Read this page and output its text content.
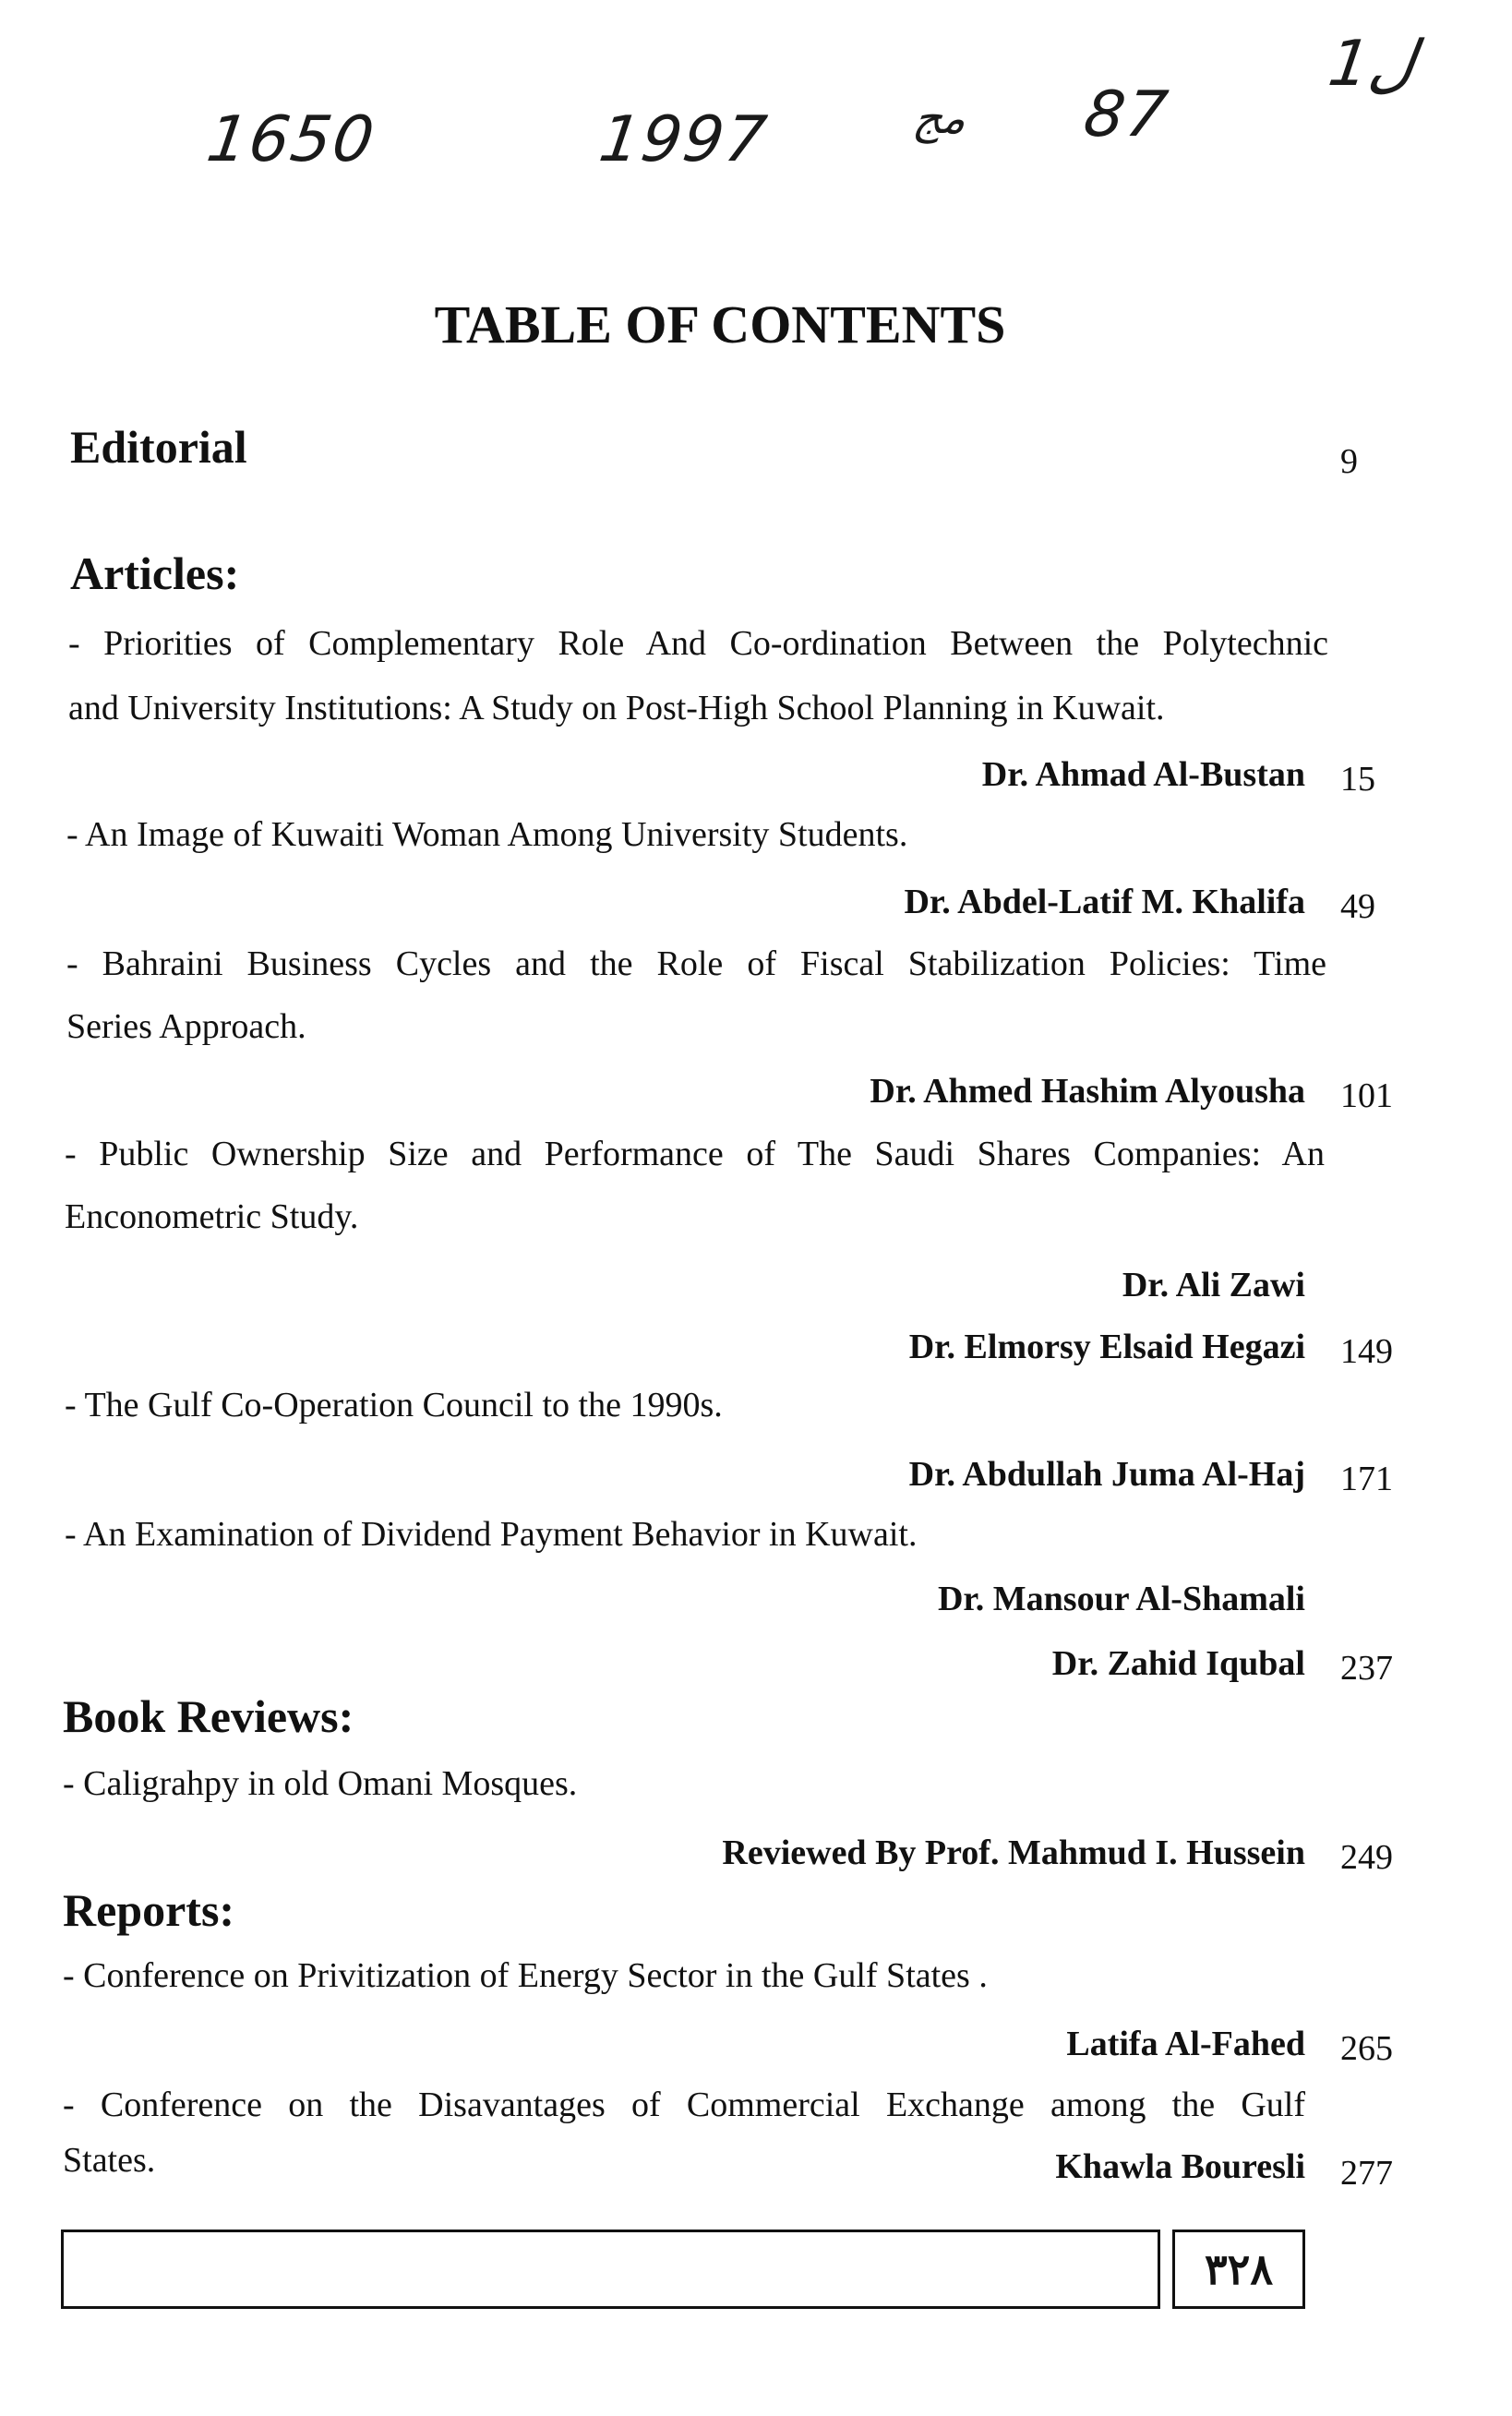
1650	1997	مج 87
ل1
TABLE OF CONTENTS
Editorial	9
Articles:
- Priorities of Complementary Role And Co-ordination Between the Polytechnic
and University Institutions: A Study on Post-High School Planning in Kuwait.
Dr. Ahmad Al-Bustan 15
- An Image of Kuwaiti Woman Among University Students.
Dr. Abdel-Latif M. Khalifa 49
- Bahraini Business Cycles and the Role of Fiscal Stabilization Policies: Time
Series Approach.
Dr. Ahmed Hashim Alyousha 101
- Public Ownership Size and Performance of The Saudi Shares Companies: An
Enconometric Study.
Dr. Ali Zawi
Dr. Elmorsy Elsaid Hegazi 149
- The Gulf Co-Operation Council to the 1990s.
Dr. Abdullah Juma Al-Haj 171
- An Examination of Dividend Payment Behavior in Kuwait.
Dr. Mansour Al-Shamali
Dr. Zahid Iqubal 237
Book Reviews:
- Caligrahpy in old Omani Mosques.
Reviewed By Prof. Mahmud I. Hussein 249
Reports:
- Conference on Privitization of Energy Sector in the Gulf States .
Latifa Al-Fahed 265
- Conference on the Disavantages of Commercial Exchange among the Gulf
States.	Khawla Bouresli 277
٣٢٨
